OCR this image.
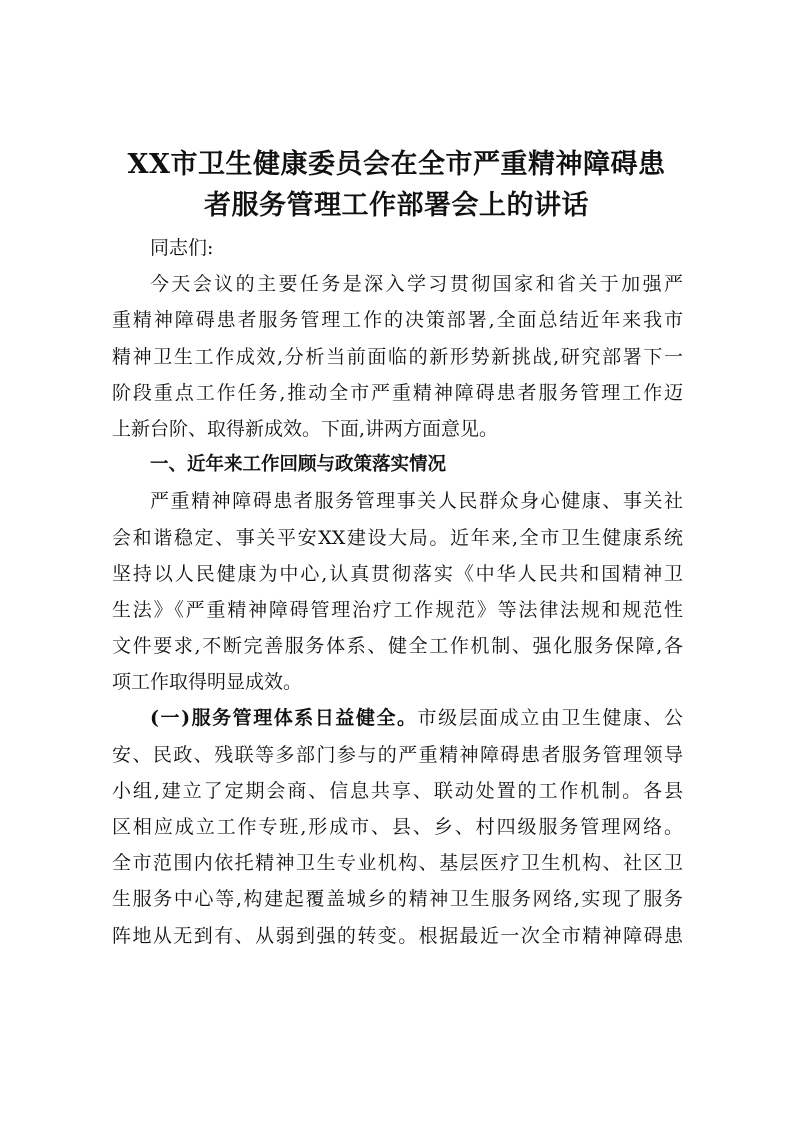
XX市卫生健康委员会在全市严重精神障碍患
者服务管理工作部署会上的讲话
同志们:
今天会议的主要任务是深入学习贯彻国家和省关于加强严
重精神障碍患者服务管理工作的决策部署,全面总结近年来我市
精神卫生工作成效,分析当前面临的新形势新挑战,研究部署下一
阶段重点工作任务,推动全市严重精神障碍患者服务管理工作迈
上新台阶、取得新成效。下面,讲两方面意见。
一、近年来工作回顾与政策落实情况
严重精神障碍患者服务管理事关人民群众身心健康、事关社
会和谐稳定、事关平安XX建设大局。近年来,全市卫生健康系统
坚持以人民健康为中心,认真贯彻落实《中华人民共和国精神卫
生法》《严重精神障碍管理治疗工作规范》等法律法规和规范性
文件要求,不断完善服务体系、健全工作机制、强化服务保障,各
项工作取得明显成效。
(一)服务管理体系日益健全。市级层面成立由卫生健康、公
安、民政、残联等多部门参与的严重精神障碍患者服务管理领导
小组,建立了定期会商、信息共享、联动处置的工作机制。各县
区相应成立工作专班,形成市、县、乡、村四级服务管理网络。
全市范围内依托精神卫生专业机构、基层医疗卫生机构、社区卫
生服务中心等,构建起覆盖城乡的精神卫生服务网络,实现了服务
阵地从无到有、从弱到强的转变。根据最近一次全市精神障碍患
